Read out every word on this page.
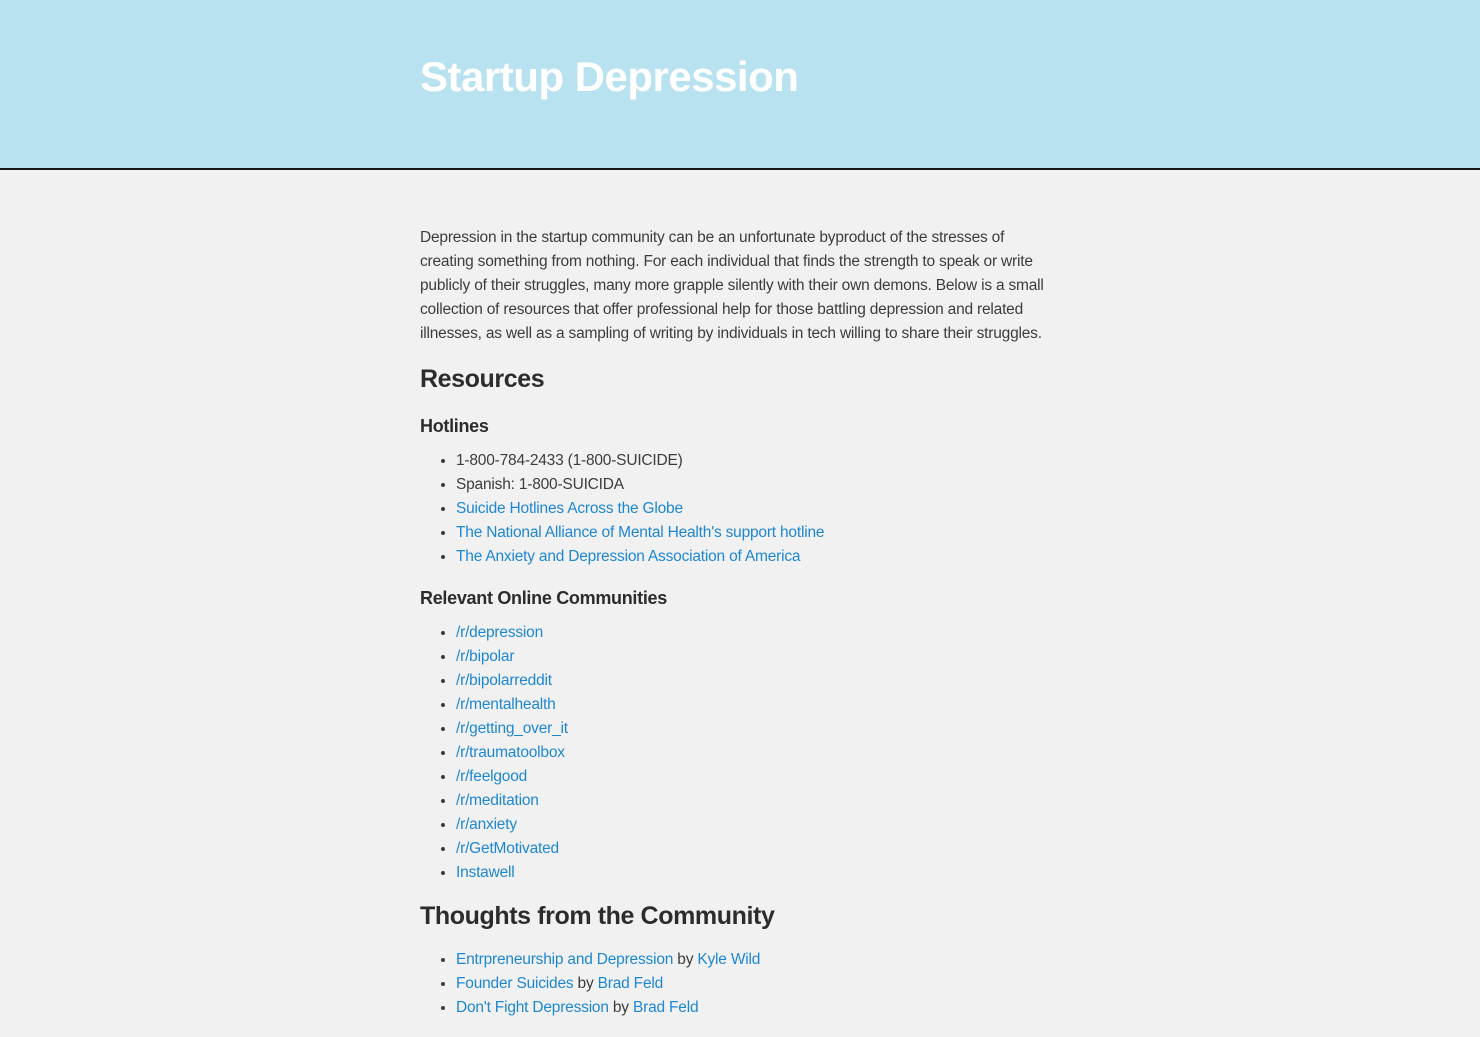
Startup Depression

Depression in the startup community can be an unfortunate byproduct of the stresses of creating something from nothing. For each individual that finds the strength to speak or write publicly of their struggles, many more grapple silently with their own demons. Below is a small collection of resources that offer professional help for those battling depression and related illnesses, as well as a sampling of writing by individuals in tech willing to share their struggles.

Resources
Hotlines
• 1-800-784-2433 (1-800-SUICIDE)
• Spanish: 1-800-SUICIDA
• Suicide Hotlines Across the Globe
• The National Alliance of Mental Health's support hotline
• The Anxiety and Depression Association of America
Relevant Online Communities
• /r/depression
• /r/bipolar
• /r/bipolarreddit
• /r/mentalhealth
• /r/getting_over_it
• /r/traumatoolbox
• /r/feelgood
• /r/meditation
• /r/anxiety
• /r/GetMotivated
• Instawell
Thoughts from the Community
• Entrpreneurship and Depression by Kyle Wild
• Founder Suicides by Brad Feld
• Don't Fight Depression by Brad Feld
